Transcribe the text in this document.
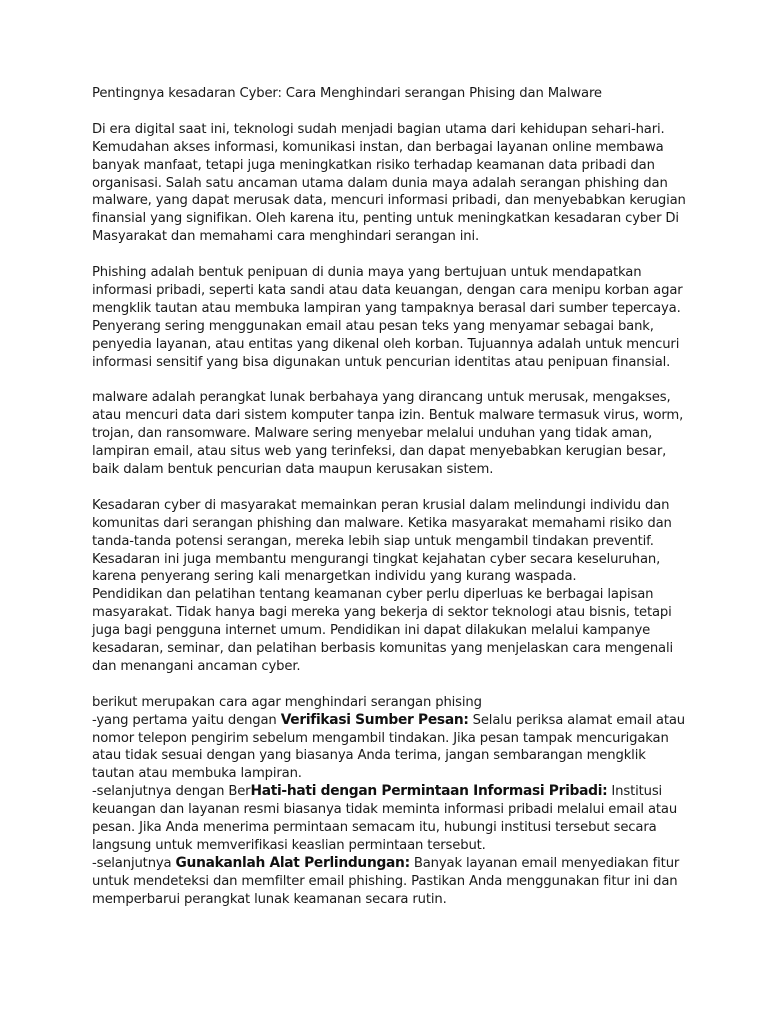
Pentingnya kesadaran Cyber: Cara Menghindari serangan Phising dan Malware

Di era digital saat ini, teknologi sudah menjadi bagian utama dari kehidupan sehari-hari. Kemudahan akses informasi, komunikasi instan, dan berbagai layanan online membawa banyak manfaat, tetapi juga meningkatkan risiko terhadap keamanan data pribadi dan organisasi. Salah satu ancaman utama dalam dunia maya adalah serangan phishing dan malware, yang dapat merusak data, mencuri informasi pribadi, dan menyebabkan kerugian finansial yang signifikan. Oleh karena itu, penting untuk meningkatkan kesadaran cyber Di Masyarakat dan memahami cara menghindari serangan ini.

Phishing adalah bentuk penipuan di dunia maya yang bertujuan untuk mendapatkan informasi pribadi, seperti kata sandi atau data keuangan, dengan cara menipu korban agar mengklik tautan atau membuka lampiran yang tampaknya berasal dari sumber tepercaya. Penyerang sering menggunakan email atau pesan teks yang menyamar sebagai bank, penyedia layanan, atau entitas yang dikenal oleh korban. Tujuannya adalah untuk mencuri informasi sensitif yang bisa digunakan untuk pencurian identitas atau penipuan finansial.

malware adalah perangkat lunak berbahaya yang dirancang untuk merusak, mengakses, atau mencuri data dari sistem komputer tanpa izin. Bentuk malware termasuk virus, worm, trojan, dan ransomware. Malware sering menyebar melalui unduhan yang tidak aman, lampiran email, atau situs web yang terinfeksi, dan dapat menyebabkan kerugian besar, baik dalam bentuk pencurian data maupun kerusakan sistem.

Kesadaran cyber di masyarakat memainkan peran krusial dalam melindungi individu dan komunitas dari serangan phishing dan malware. Ketika masyarakat memahami risiko dan tanda-tanda potensi serangan, mereka lebih siap untuk mengambil tindakan preventif. Kesadaran ini juga membantu mengurangi tingkat kejahatan cyber secara keseluruhan, karena penyerang sering kali menargetkan individu yang kurang waspada.

Pendidikan dan pelatihan tentang keamanan cyber perlu diperluas ke berbagai lapisan masyarakat. Tidak hanya bagi mereka yang bekerja di sektor teknologi atau bisnis, tetapi juga bagi pengguna internet umum. Pendidikan ini dapat dilakukan melalui kampanye kesadaran, seminar, dan pelatihan berbasis komunitas yang menjelaskan cara mengenali dan menangani ancaman cyber.

berikut merupakan cara agar menghindari serangan phising

-yang pertama yaitu dengan Verifikasi Sumber Pesan: Selalu periksa alamat email atau nomor telepon pengirim sebelum mengambil tindakan. Jika pesan tampak mencurigakan atau tidak sesuai dengan yang biasanya Anda terima, jangan sembarangan mengklik tautan atau membuka lampiran.

-selanjutnya dengan BerHati-hati dengan Permintaan Informasi Pribadi: Institusi keuangan dan layanan resmi biasanya tidak meminta informasi pribadi melalui email atau pesan. Jika Anda menerima permintaan semacam itu, hubungi institusi tersebut secara langsung untuk memverifikasi keaslian permintaan tersebut.

-selanjutnya Gunakanlah Alat Perlindungan: Banyak layanan email menyediakan fitur untuk mendeteksi dan memfilter email phishing. Pastikan Anda menggunakan fitur ini dan memperbarui perangkat lunak keamanan secara rutin.
